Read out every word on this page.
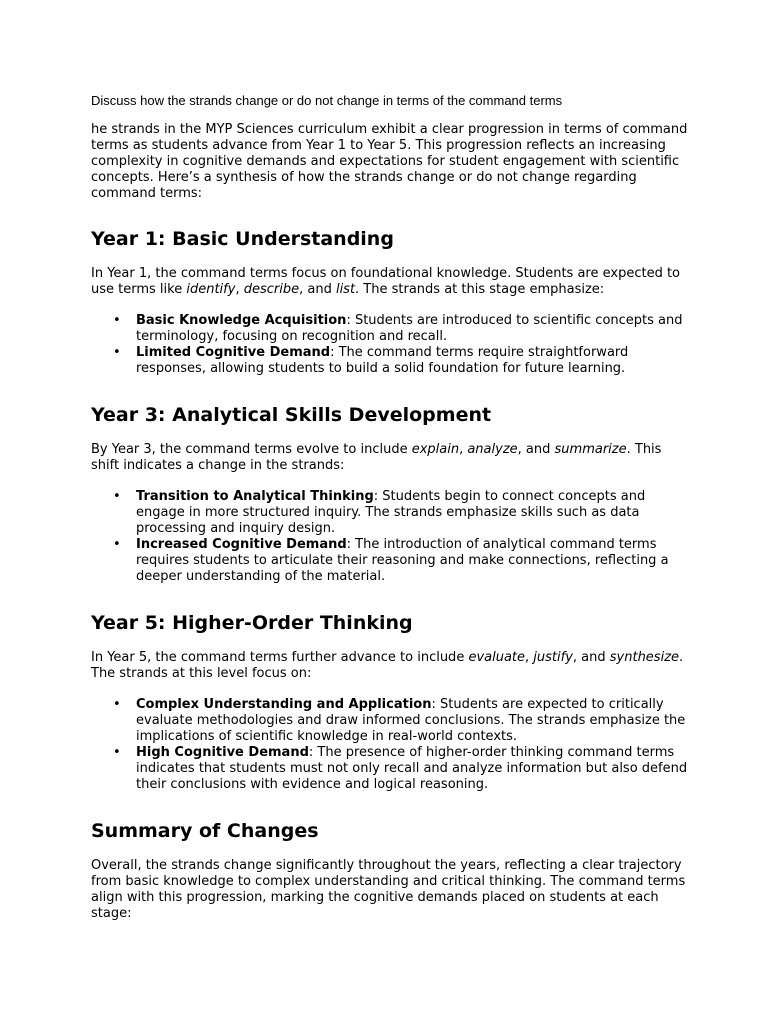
Discuss how the strands change or do not change in terms of the command terms

he strands in the MYP Sciences curriculum exhibit a clear progression in terms of command terms as students advance from Year 1 to Year 5. This progression reflects an increasing complexity in cognitive demands and expectations for student engagement with scientific concepts. Here’s a synthesis of how the strands change or do not change regarding command terms:

Year 1: Basic Understanding

In Year 1, the command terms focus on foundational knowledge. Students are expected to use terms like identify, describe, and list. The strands at this stage emphasize:

• Basic Knowledge Acquisition: Students are introduced to scientific concepts and terminology, focusing on recognition and recall.
• Limited Cognitive Demand: The command terms require straightforward responses, allowing students to build a solid foundation for future learning.
Year 3: Analytical Skills Development

By Year 3, the command terms evolve to include explain, analyze, and summarize. This shift indicates a change in the strands:

• Transition to Analytical Thinking: Students begin to connect concepts and engage in more structured inquiry. The strands emphasize skills such as data processing and inquiry design.
• Increased Cognitive Demand: The introduction of analytical command terms requires students to articulate their reasoning and make connections, reflecting a deeper understanding of the material.
Year 5: Higher-Order Thinking

In Year 5, the command terms further advance to include evaluate, justify, and synthesize. The strands at this level focus on:

• Complex Understanding and Application: Students are expected to critically evaluate methodologies and draw informed conclusions. The strands emphasize the implications of scientific knowledge in real-world contexts.
• High Cognitive Demand: The presence of higher-order thinking command terms indicates that students must not only recall and analyze information but also defend their conclusions with evidence and logical reasoning.
Summary of Changes

Overall, the strands change significantly throughout the years, reflecting a clear trajectory from basic knowledge to complex understanding and critical thinking. The command terms align with this progression, marking the cognitive demands placed on students at each stage:
